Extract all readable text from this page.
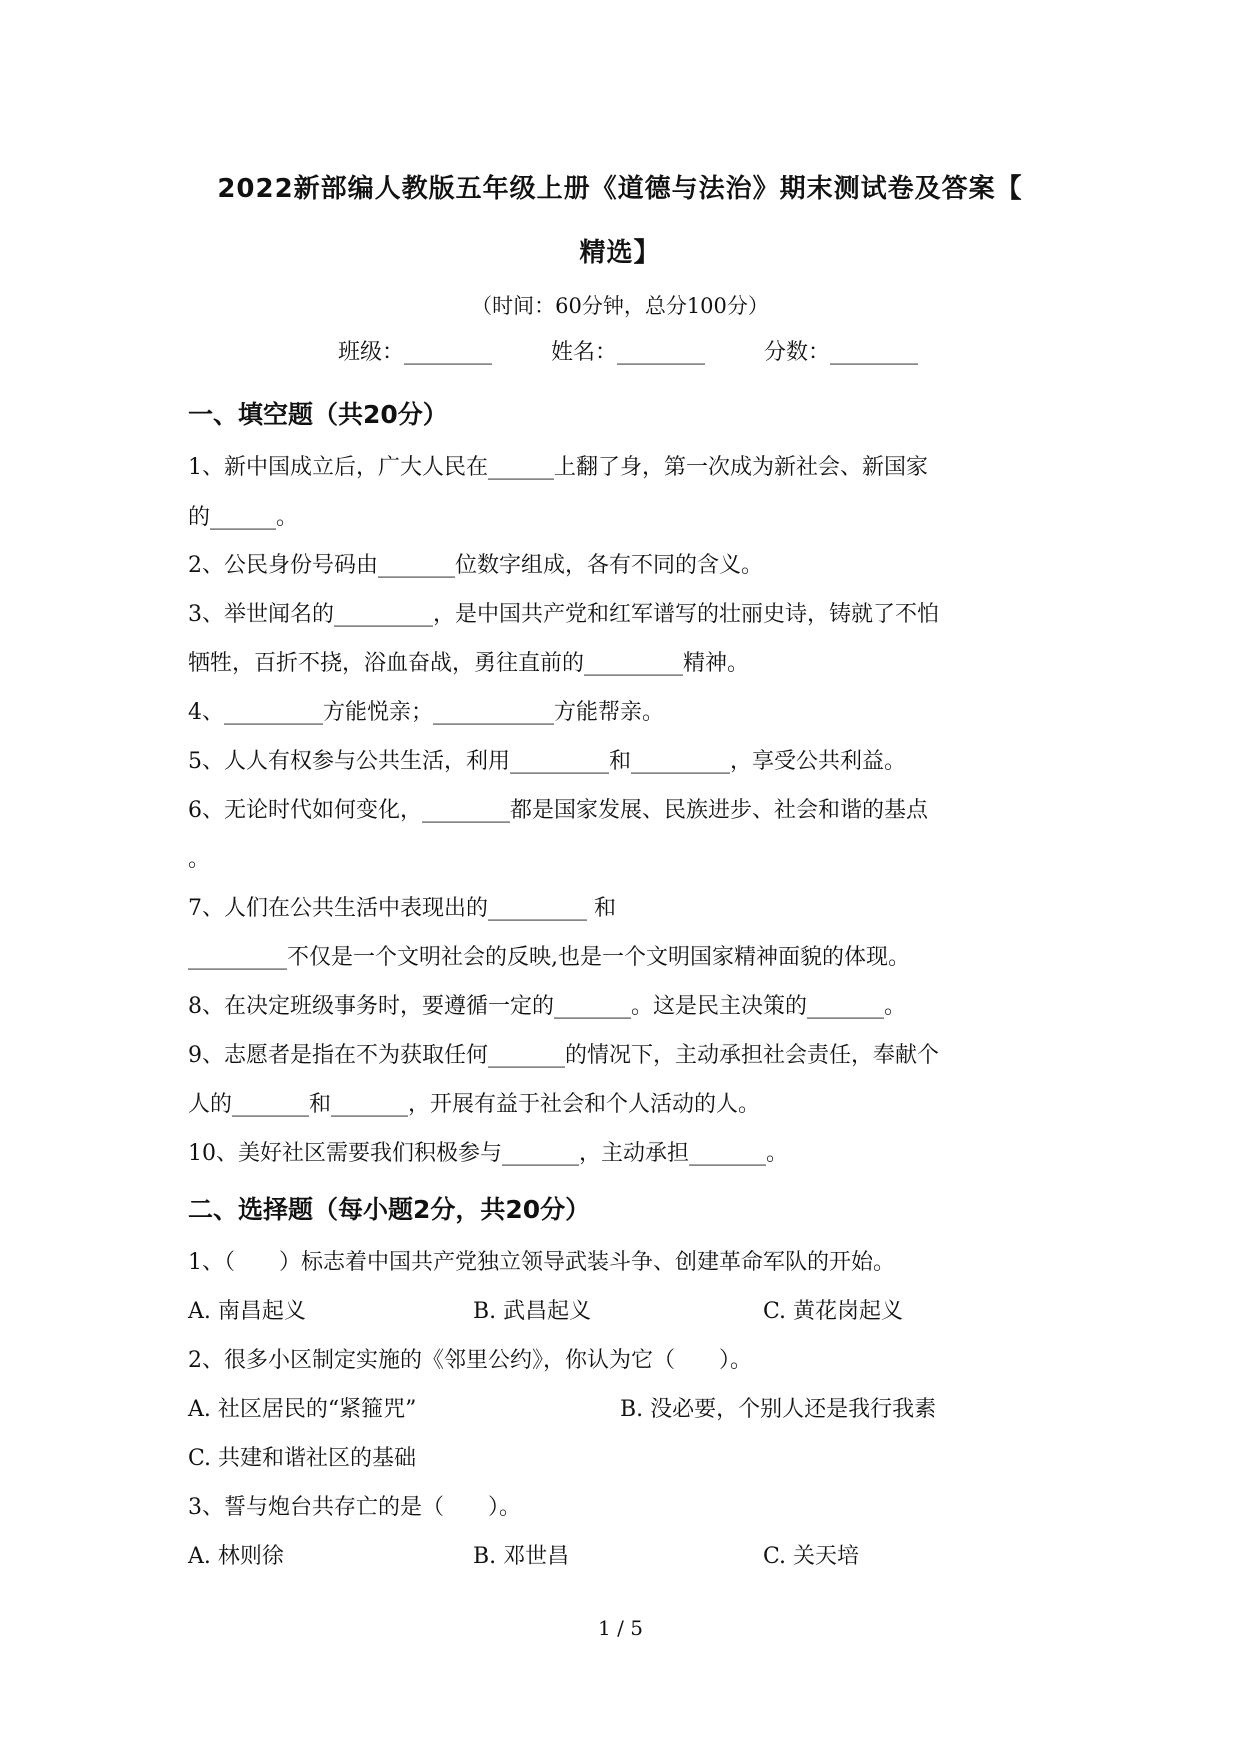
2022新部编人教版五年级上册《道德与法治》期末测试卷及答案【
精选】
（时间：60分钟，总分100分）
班级：________	姓名：________	分数：________
一、填空题（共20分）
1、新中国成立后，广大人民在______上翻了身，第一次成为新社会、新国家
的______。
2、公民身份号码由_______位数字组成，各有不同的含义。
3、举世闻名的_________，是中国共产党和红军谱写的壮丽史诗，铸就了不怕
牺牲，百折不挠，浴血奋战，勇往直前的_________精神。
4、_________方能悦亲；___________方能帮亲。
5、人人有权参与公共生活，利用_________和_________，享受公共利益。
6、无论时代如何变化，________都是国家发展、民族进步、社会和谐的基点
。
7、人们在公共生活中表现出的_________ 和
_________不仅是一个文明社会的反映,也是一个文明国家精神面貌的体现。
8、在决定班级事务时，要遵循一定的_______。这是民主决策的_______。
9、志愿者是指在不为获取任何_______的情况下，主动承担社会责任，奉献个
人的_______和_______，开展有益于社会和个人活动的人。
10、美好社区需要我们积极参与_______，主动承担_______。
二、选择题（每小题2分，共20分）
1、（　　）标志着中国共产党独立领导武装斗争、创建革命军队的开始。
A. 南昌起义	B. 武昌起义	C. 黄花岗起义
2、很多小区制定实施的《邻里公约》，你认为它（　　）。
A. 社区居民的“紧箍咒”	B. 没必要，个别人还是我行我素
C. 共建和谐社区的基础
3、誓与炮台共存亡的是（　　）。
A. 林则徐	B. 邓世昌	C. 关天培
1 / 5
